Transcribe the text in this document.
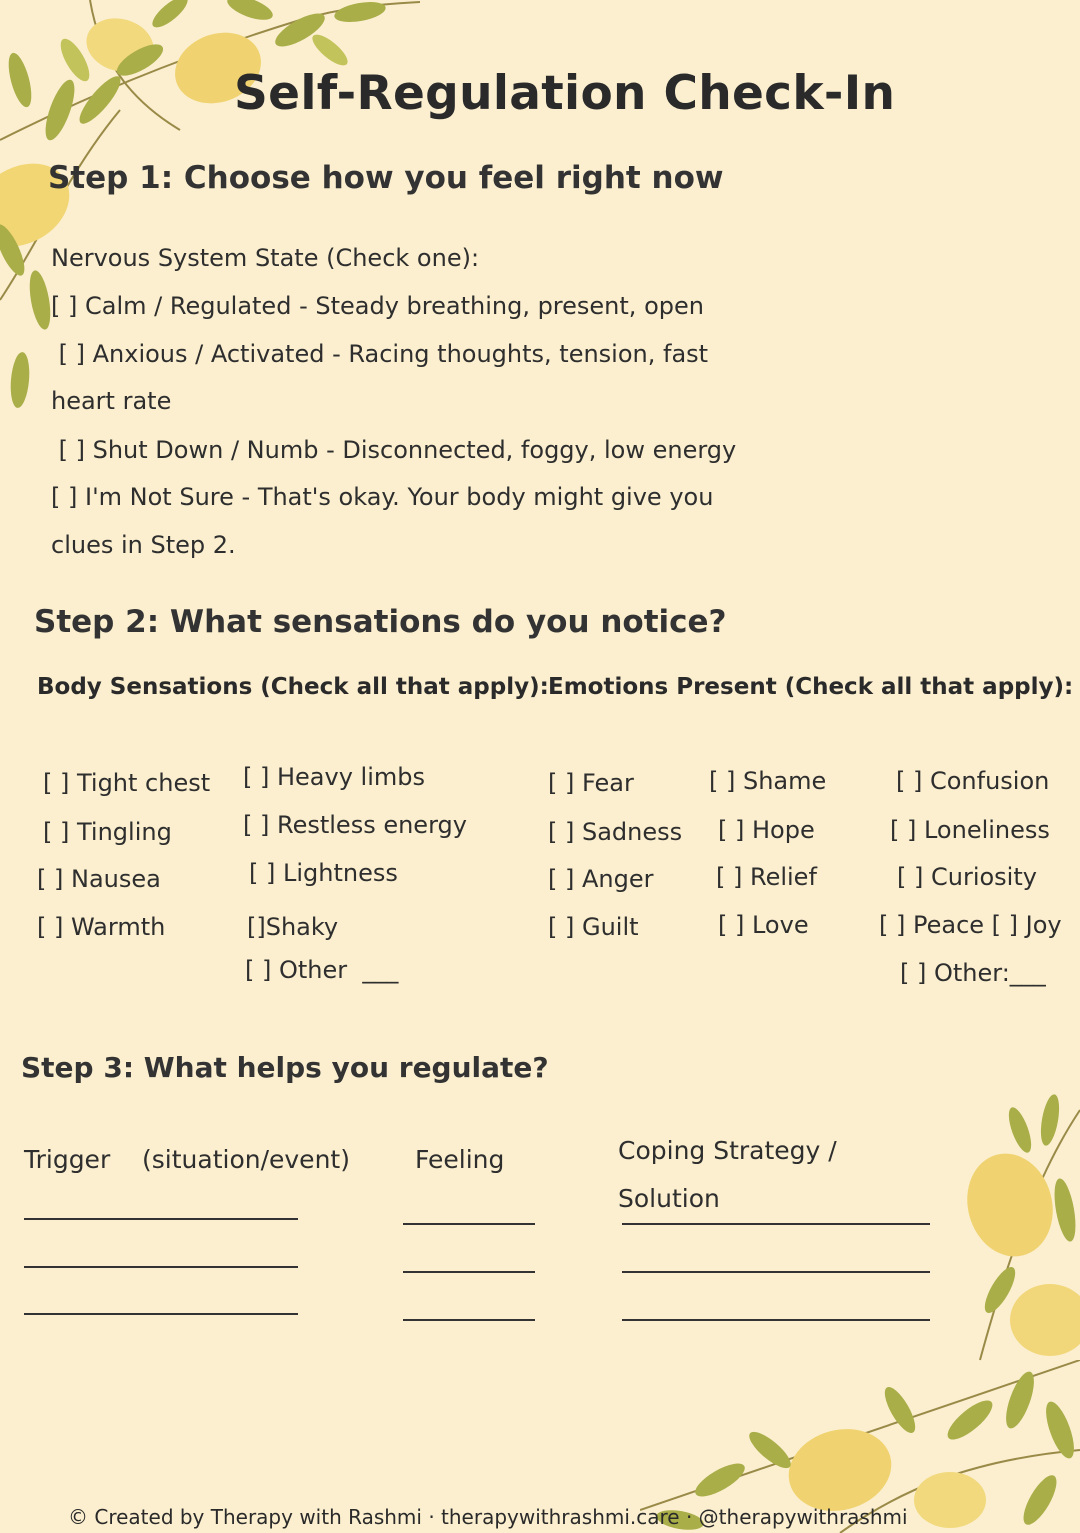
Self-Regulation Check-In
Step 1: Choose how you feel right now
Nervous System State (Check one):
[ ] Calm / Regulated - Steady breathing, present, open
[ ] Anxious / Activated - Racing thoughts, tension, fast
heart rate
[ ] Shut Down / Numb - Disconnected, foggy, low energy
[ ] I'm Not Sure - That's okay. Your body might give you
clues in Step 2.
Step 2: What sensations do you notice?
Body Sensations (Check all that apply): Emotions Present (Check all that apply):
[ ] Tight chest
[ ] Tingling
[ ] Nausea
[ ] Warmth
[ ] Heavy limbs
[ ] Restless energy
[ ] Lightness
[]Shaky
[ ] Other  ___
[ ] Fear
[ ] Sadness
[ ] Anger
[ ] Guilt
[ ] Shame
[ ] Hope
[ ] Relief
[ ] Love
[ ] Confusion
[ ] Loneliness
[ ] Curiosity
[ ] Peace [ ] Joy
[ ] Other:___
Step 3: What helps you regulate?
Trigger    (situation/event)	Feeling	Coping Strategy /
Solution
© Created by Therapy with Rashmi · therapywithrashmi.care · @therapywithrashmi
